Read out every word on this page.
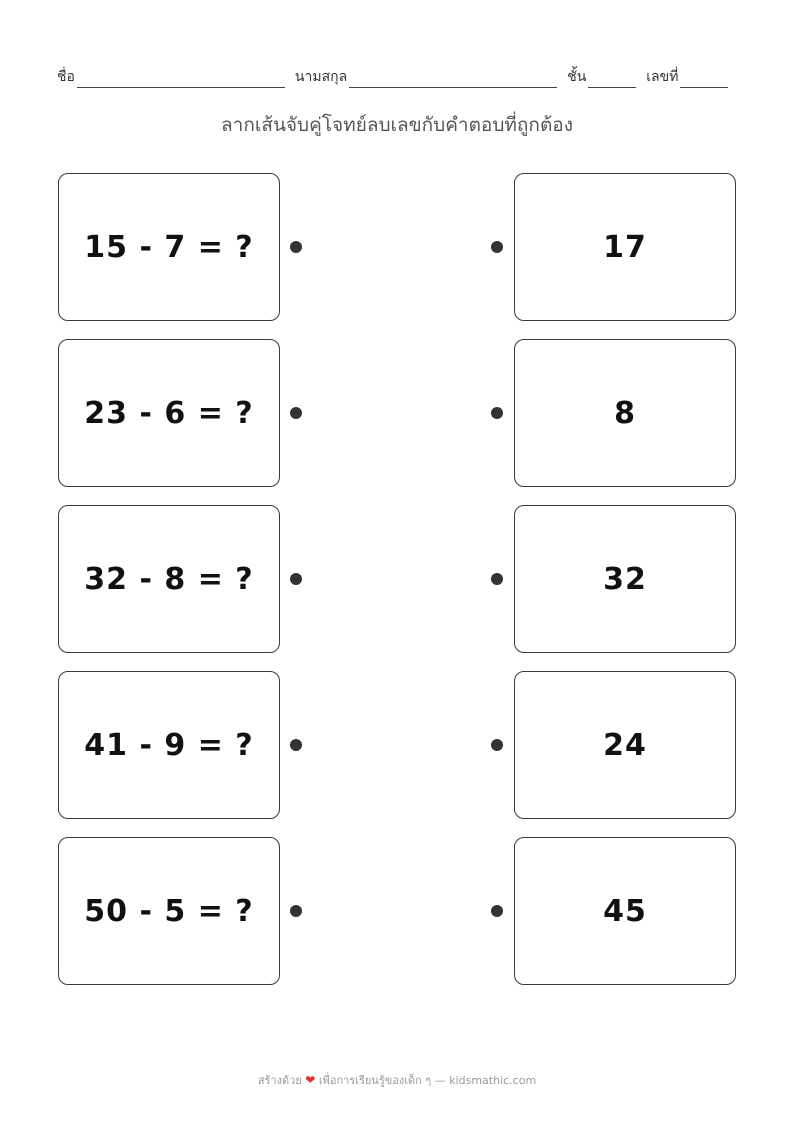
ชื่อ	นามสกุล	ชั้น	เลขที่
ลากเส้นจับคู่โจทย์ลบเลขกับคำตอบที่ถูกต้อง
15 - 7 = ?	17
23 - 6 = ?	8
32 - 8 = ?	32
41 - 9 = ?	24
50 - 5 = ?	45
สร้างด้วย ❤ เพื่อการเรียนรู้ของเด็ก ๆ — kidsmathic.com
